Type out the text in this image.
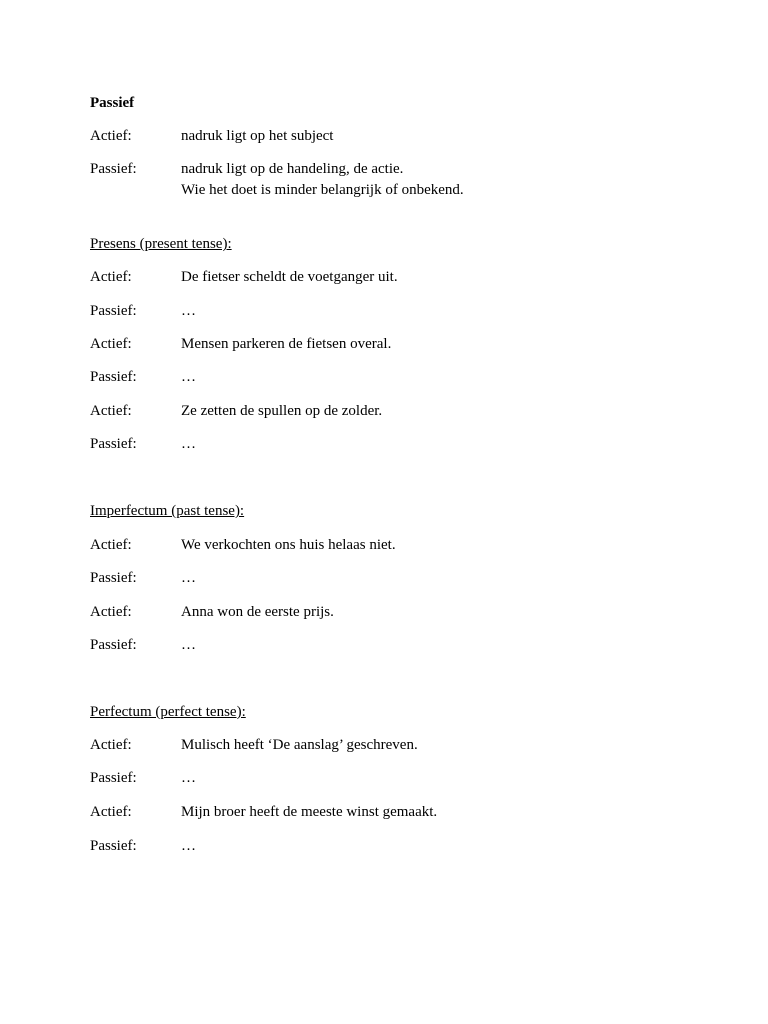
Passief
Actief:	nadruk ligt op het subject
Passief:	nadruk ligt op de handeling, de actie.
Wie het doet is minder belangrijk of onbekend.
Presens (present tense):
Actief:	De fietser scheldt de voetganger uit.
Passief:	…
Actief:	Mensen parkeren de fietsen overal.
Passief:	…
Actief:	Ze zetten de spullen op de zolder.
Passief:	…
Imperfectum (past tense):
Actief:	We verkochten ons huis helaas niet.
Passief:	…
Actief:	Anna won de eerste prijs.
Passief:	…
Perfectum (perfect tense):
Actief:	Mulisch heeft ‘De aanslag’ geschreven.
Passief:	…
Actief:	Mijn broer heeft de meeste winst gemaakt.
Passief:	…
